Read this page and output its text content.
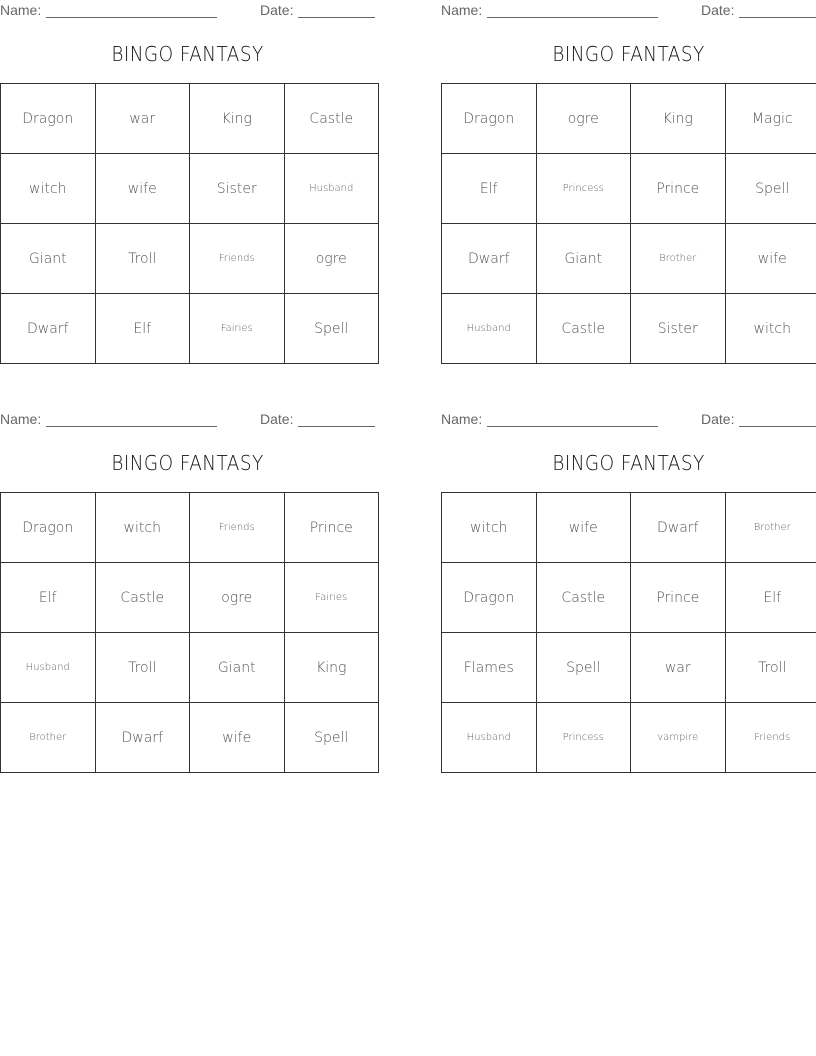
Name:	Date:
BINGO FANTASY
Dragon	war	King	Castle
witch	wife	Sister	Husband
Giant	Troll	Friends	ogre
Dwarf	Elf	Fairies	Spell
Name:	Date:
BINGO FANTASY
Dragon	ogre	King	Magic
Elf	Princess	Prince	Spell
Dwarf	Giant	Brother	wife
Husband	Castle	Sister	witch
Name:	Date:
BINGO FANTASY
Dragon	witch	Friends	Prince
Elf	Castle	ogre	Fairies
Husband	Troll	Giant	King
Brother	Dwarf	wife	Spell
Name:	Date:
BINGO FANTASY
witch	wife	Dwarf	Brother
Dragon	Castle	Prince	Elf
Flames	Spell	war	Troll
Husband	Princess	vampire	Friends
